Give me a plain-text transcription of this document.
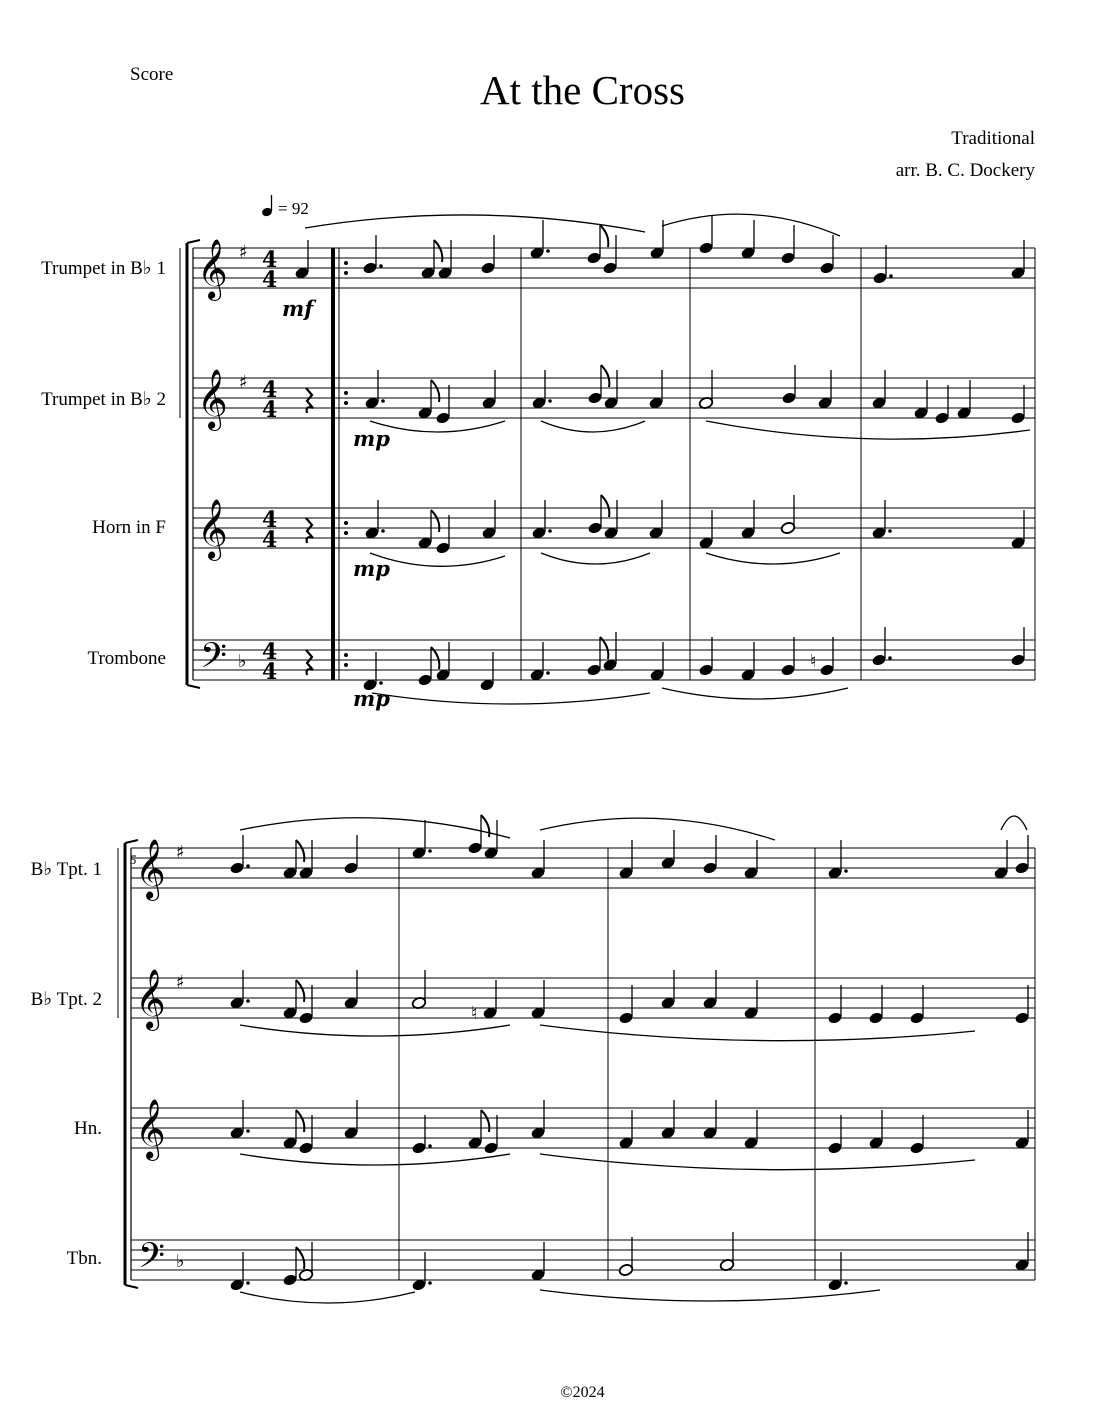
Score	At the Cross
Traditional
arr. B. C. Dockery
Trumpet in B♭ 1
Trumpet in B♭ 2
Horn in F
Trombone
B♭ Tpt. 1
B♭ Tpt. 2
Hn.
Tbn.
©2024
𝄞 ♯ 4
4
𝄞 ♯ 4
4
𝄞 4
4
𝄢 ♭ 4
4	♮
𝄞 ♯
𝄞 ♯
𝄞
𝄢 ♭
♮
= 92
mf
mp
mp
mp
5
